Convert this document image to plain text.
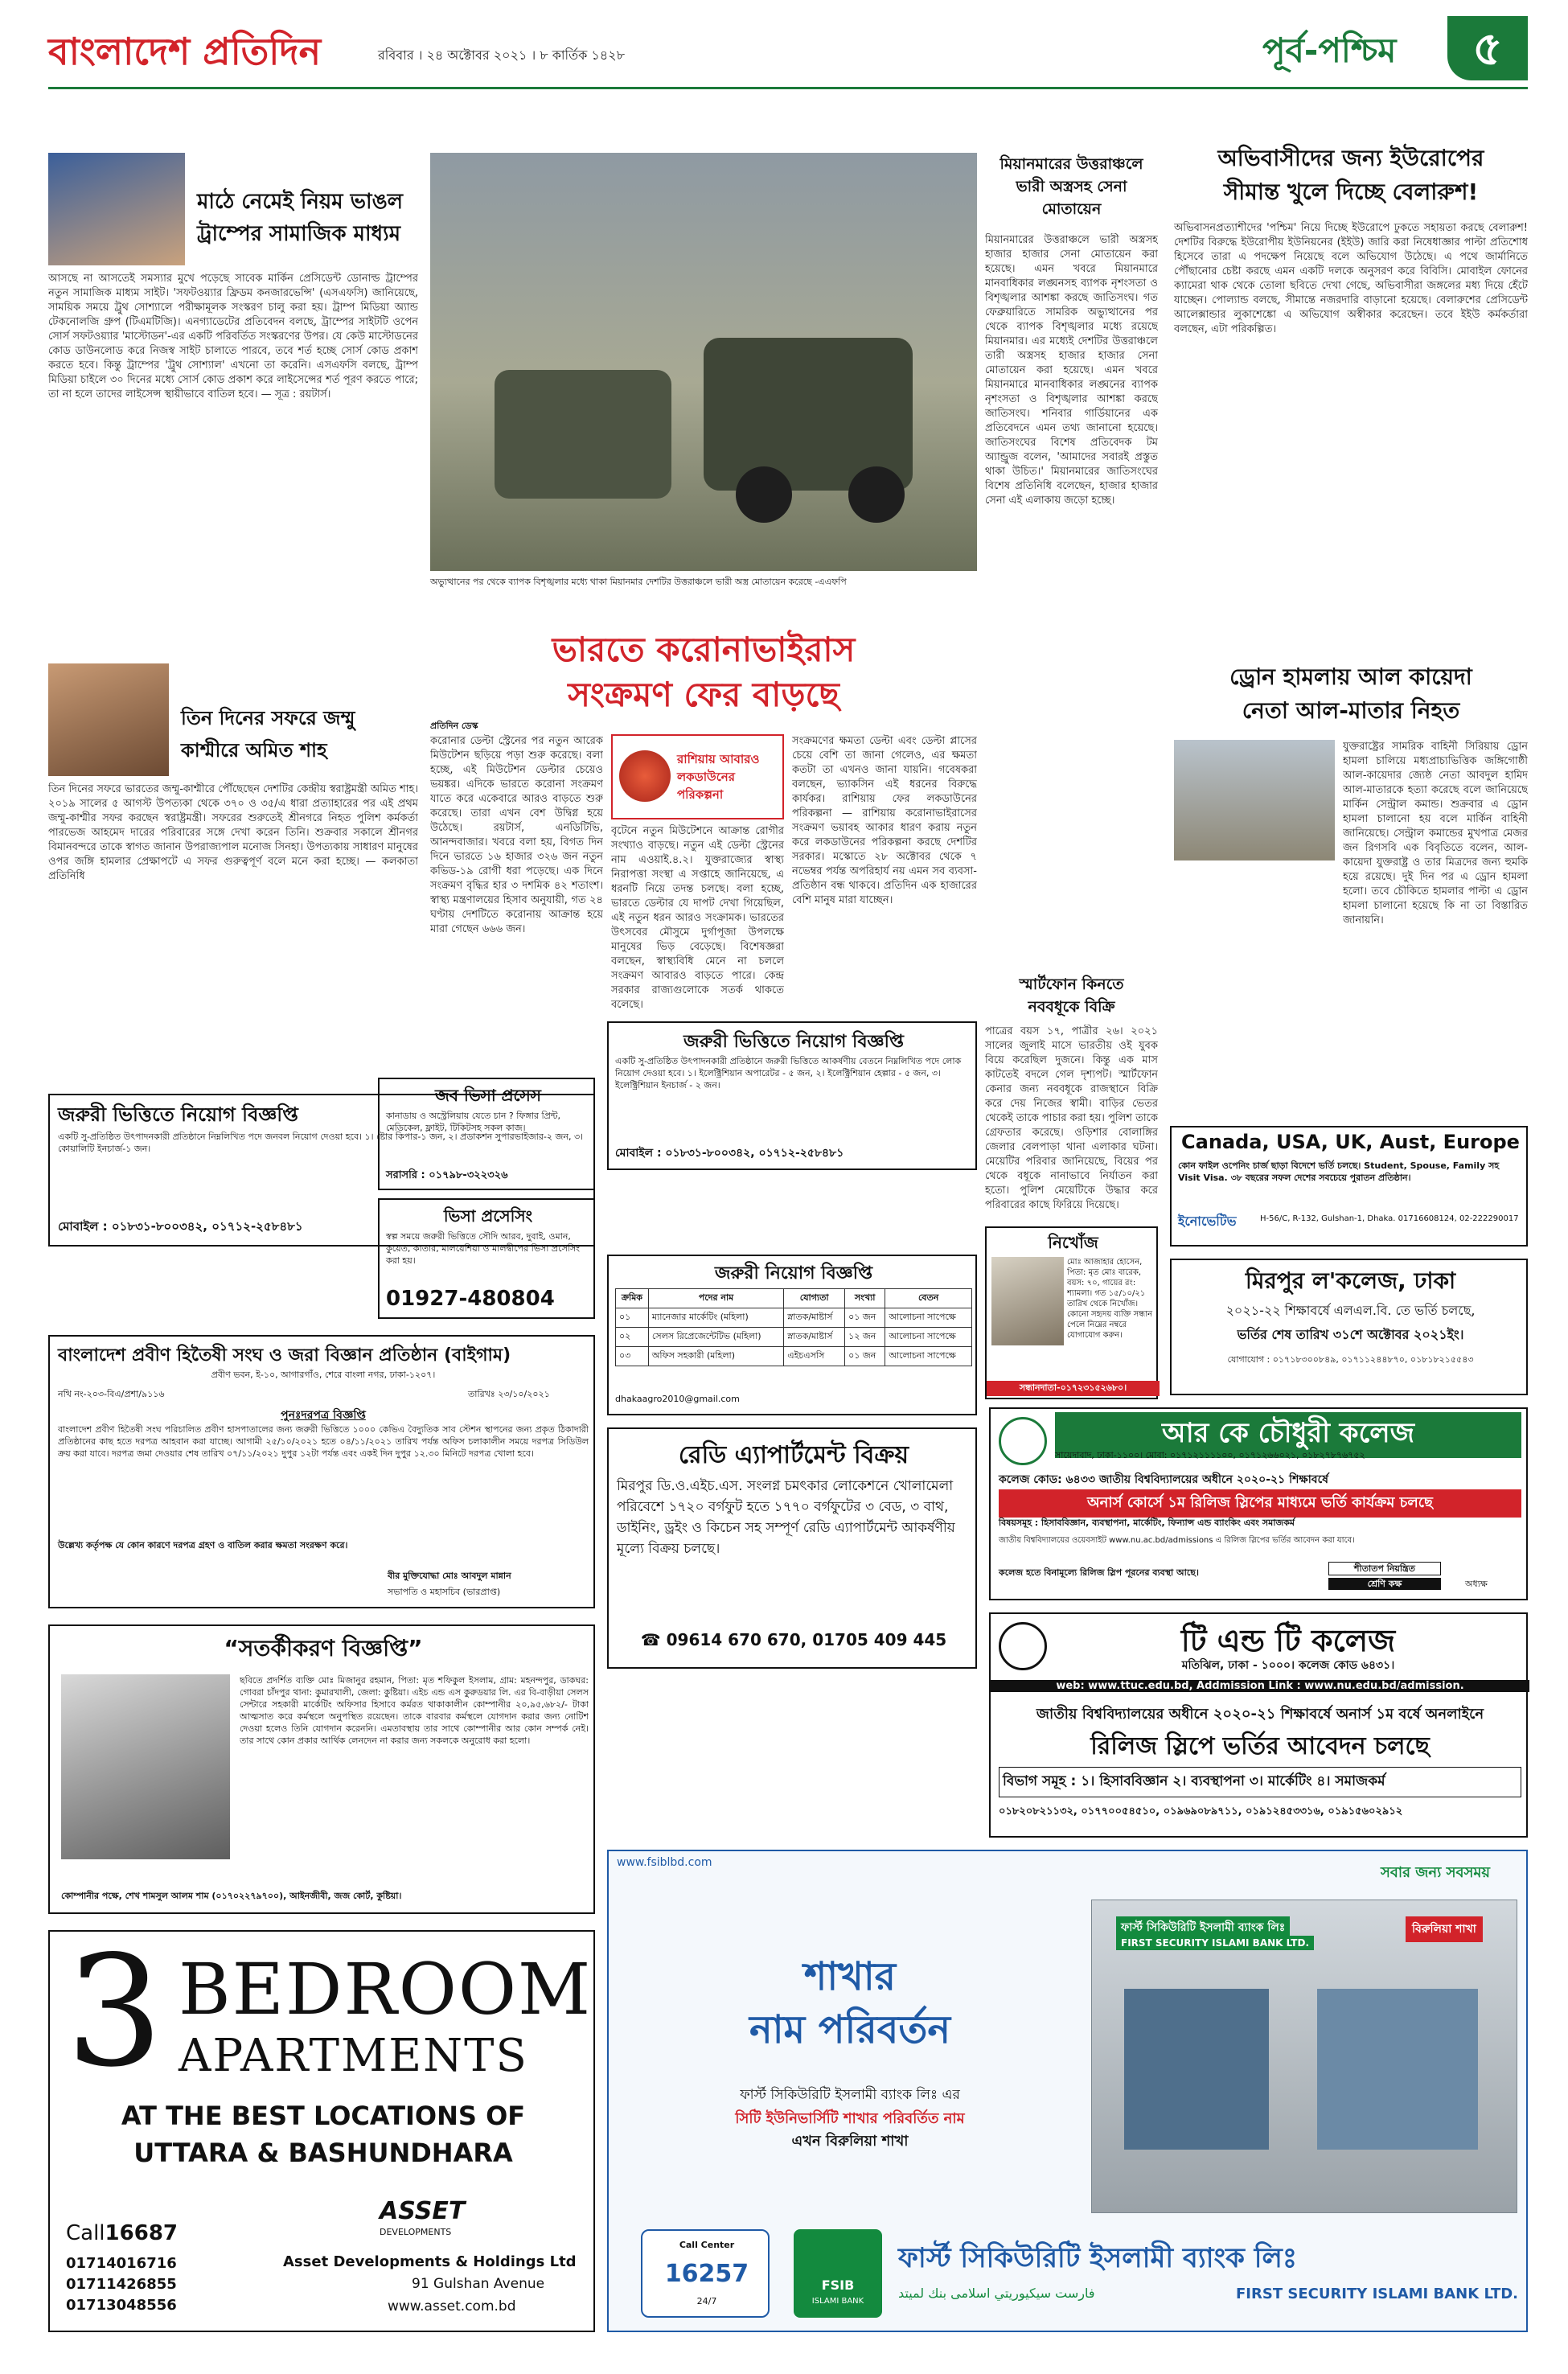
বাংলাদেশ প্রতিদিন	রবিবার । ২৪ অক্টোবর ২০২১ । ৮ কার্তিক ১৪২৮	পূর্ব-পশ্চিম	৫
মাঠে নেমেই নিয়ম ভাঙল
ট্রাম্পের সামাজিক মাধ্যম
আসছে না আসতেই সমস্যার মুখে পড়েছে সাবেক মার্কিন প্রেসিডেন্ট ডোনাল্ড ট্রাম্পের নতুন সামাজিক মাধ্যম সাইট। 'সফটওয়্যার ফ্রিডম কনজারভেন্সি' (এসএফসি) জানিয়েছে, সাময়িক সময়ে ট্রুথ সোশ্যালে পরীক্ষামূলক সংস্করণ চালু করা হয়। ট্রাম্প মিডিয়া অ্যান্ড টেকনোলজি গ্রুপ (টিএমটিজি)। এনগ্যাডেটের প্রতিবেদন বলছে, ট্রাম্পের সাইটটি ওপেন সোর্স সফটওয়্যার 'মাস্টোডন'-এর একটি পরিবর্তিত সংস্করণের উপর। যে কেউ মাস্টোডনের কোড ডাউনলোড করে নিজস্ব সাইট চালাতে পারবে, তবে শর্ত হচ্ছে সোর্স কোড প্রকাশ করতে হবে। কিন্তু ট্রাম্পের 'ট্রুথ সোশ্যাল' এখনো তা করেনি। এসএফসি বলছে, ট্রাম্প মিডিয়া চাইলে ৩০ দিনের মধ্যে সোর্স কোড প্রকাশ করে লাইসেন্সের শর্ত পূরণ করতে পারে; তা না হলে তাদের লাইসেন্স স্থায়ীভাবে বাতিল হবে। — সূত্র : রয়টার্স।
অভ্যুত্থানের পর থেকে ব্যাপক বিশৃঙ্খলার মধ্যে থাকা মিয়ানমার দেশটির উত্তরাঞ্চলে ভারী অস্ত্র মোতায়েন করেছে -এএফপি
মিয়ানমারের উত্তরাঞ্চলে ভারী অস্ত্রসহ সেনা মোতায়েন
মিয়ানমারের উত্তরাঞ্চলে ভারী অস্ত্রসহ হাজার হাজার সেনা মোতায়েন করা হয়েছে। এমন খবরে মিয়ানমারে মানবাধিকার লঙ্ঘনসহ ব্যাপক নৃশংসতা ও বিশৃঙ্খলার আশঙ্কা করছে জাতিসংঘ। গত ফেব্রুয়ারিতে সামরিক অভ্যুত্থানের পর থেকে ব্যাপক বিশৃঙ্খলার মধ্যে রয়েছে মিয়ানমার। এর মধ্যেই দেশটির উত্তরাঞ্চলে তারী অস্ত্রসহ হাজার হাজার সেনা মোতায়েন করা হয়েছে। এমন খবরে মিয়ানমারে মানবাধিকার লঙ্ঘনের ব্যাপক নৃশংসতা ও বিশৃঙ্খলার আশঙ্কা করছে জাতিসংঘ। শনিবার গার্ডিয়ানের এক প্রতিবেদনে এমন তথ্য জানানো হয়েছে। জাতিসংঘের বিশেষ প্রতিবেদক টম অ্যান্ড্রুজ বলেন, 'আমাদের সবারই প্রস্তুত থাকা উচিত।' মিয়ানমারের জাতিসংঘের বিশেষ প্রতিনিধি বলেছেন, হাজার হাজার সেনা এই এলাকায় জড়ো হচ্ছে।
অভিবাসীদের জন্য ইউরোপের
সীমান্ত খুলে দিচ্ছে বেলারুশ!
অভিবাসনপ্রত্যাশীদের 'পশ্চিম' নিয়ে দিচ্ছে ইউরোপে ঢুকতে সহায়তা করছে বেলারুশ! দেশটির বিরুদ্ধে ইউরোপীয় ইউনিয়নের (ইইউ) জারি করা নিষেধাজ্ঞার পাল্টা প্রতিশোধ হিসেবে তারা এ পদক্ষেপ নিয়েছে বলে অভিযোগ উঠেছে। এ পথে জার্মানিতে পৌঁছানোর চেষ্টা করছে এমন একটি দলকে অনুসরণ করে বিবিসি। মোবাইল ফোনের ক্যামেরা থাক থেকে তোলা ছবিতে দেখা গেছে, অভিবাসীরা জঙ্গলের মধ্য দিয়ে হেঁটে যাচ্ছেন। পোল্যান্ড বলছে, সীমান্তে নজরদারি বাড়ানো হয়েছে। বেলারুশের প্রেসিডেন্ট আলেক্সান্ডার লুকাশেঙ্কো এ অভিযোগ অস্বীকার করেছেন। তবে ইইউ কর্মকর্তারা বলছেন, এটা পরিকল্পিত।
ড্রোন হামলায় আল কায়েদা
নেতা আল-মাতার নিহত
যুক্তরাষ্ট্রের সামরিক বাহিনী সিরিয়ায় ড্রোন হামলা চালিয়ে মধ্যপ্রাচ্যভিত্তিক জঙ্গিগোষ্ঠী আল-কায়েদার জ্যেষ্ঠ নেতা আবদুল হামিদ আল-মাতারকে হত্যা করেছে বলে জানিয়েছে মার্কিন সেন্ট্রাল কমান্ড। শুক্রবার এ ড্রোন হামলা চালানো হয় বলে মার্কিন বাহিনী জানিয়েছে। সেন্ট্রাল কমান্ডের মুখপাত্র মেজর জন রিগসবি এক বিবৃতিতে বলেন, আল-কায়েদা যুক্তরাষ্ট্র ও তার মিত্রদের জন্য হুমকি হয়ে রয়েছে। দুই দিন পর এ ড্রোন হামলা হলো। তবে চৌকিতে হামলার পাল্টা এ ড্রোন হামলা চালানো হয়েছে কি না তা বিস্তারিত জানায়নি।
ভারতে করোনাভাইরাস
সংক্রমণ ফের বাড়ছে
প্রতিদিন ডেস্ক
করোনার ডেল্টা স্ট্রেনের পর নতুন আরেক মিউটেশন ছড়িয়ে পড়া শুরু করেছে। বলা হচ্ছে, এই মিউটেশন ডেল্টার চেয়েও ভয়ঙ্কর। এদিকে ভারতে করোনা সংক্রমণ যাতে করে একেবারে আরও বাড়তে শুরু করেছে। তারা এখন বেশ উদ্বিগ্ন হয়ে উঠেছে। রয়টার্স, এনডিটিভি, আনন্দবাজার। খবরে বলা হয়, বিগত দিন দিনে ভারতে ১৬ হাজার ৩২৬ জন নতুন কভিড-১৯ রোগী ধরা পড়েছে। এক দিনে সংক্রমণ বৃদ্ধির হার ৩ দশমিক ৪২ শতাংশ। স্বাস্থ্য মন্ত্রণালয়ের হিসাব অনুযায়ী, গত ২৪ ঘণ্টায় দেশটিতে করোনায় আক্রান্ত হয়ে মারা গেছেন ৬৬৬ জন।
বৃটেনে নতুন মিউটেশনে আক্রান্ত রোগীর সংখ্যাও বাড়ছে। নতুন এই ডেল্টা স্ট্রেনের নাম এওয়াই.৪.২। যুক্তরাজ্যের স্বাস্থ্য নিরাপত্তা সংস্থা এ সপ্তাহে জানিয়েছে, এ ধরনটি নিয়ে তদন্ত চলছে। বলা হচ্ছে, ভারতে ডেল্টার যে দাপট দেখা গিয়েছিল, এই নতুন ধরন আরও সংক্রামক। ভারতের উৎসবের মৌসুমে দুর্গাপূজা উপলক্ষে মানুষের ভিড় বেড়েছে। বিশেষজ্ঞরা বলছেন, স্বাস্থ্যবিধি মেনে না চললে সংক্রমণ আবারও বাড়তে পারে। কেন্দ্র সরকার রাজ্যগুলোকে সতর্ক থাকতে বলেছে।
রাশিয়ায় আবারও লকডাউনের পরিকল্পনা
সংক্রমণের ক্ষমতা ডেল্টা এবং ডেল্টা প্লাসের চেয়ে বেশি তা জানা গেলেও, এর ক্ষমতা কতটা তা এখনও জানা যায়নি। গবেষকরা বলছেন, ভ্যাকসিন এই ধরনের বিরুদ্ধে কার্যকর। রাশিয়ায় ফের লকডাউনের পরিকল্পনা — রাশিয়ায় করোনাভাইরাসের সংক্রমণ ভয়াবহ আকার ধারণ করায় নতুন করে লকডাউনের পরিকল্পনা করছে দেশটির সরকার। মস্কোতে ২৮ অক্টোবর থেকে ৭ নভেম্বর পর্যন্ত অপরিহার্য নয় এমন সব ব্যবসা-প্রতিষ্ঠান বন্ধ থাকবে। প্রতিদিন এক হাজারের বেশি মানুষ মারা যাচ্ছেন।
স্মার্টফোন কিনতে
নববধূকে বিক্রি
পাত্রের বয়স ১৭, পাত্রীর ২৬। ২০২১ সালের জুলাই মাসে ভারতীয় ওই যুবক বিয়ে করেছিল দুজনে। কিন্তু এক মাস কাটতেই বদলে গেল দৃশ্যপট। স্মার্টফোন কেনার জন্য নববধূকে রাজস্থানে বিক্রি করে দেয় নিজের স্বামী। বাড়ির ভেতর থেকেই তাকে পাচার করা হয়। পুলিশ তাকে গ্রেফতার করেছে। ওড়িশার বোলাঙ্গির জেলার বেলপাড়া থানা এলাকার ঘটনা। মেয়েটির পরিবার জানিয়েছে, বিয়ের পর থেকে বধূকে নানাভাবে নির্যাতন করা হতো। পুলিশ মেয়েটিকে উদ্ধার করে পরিবারের কাছে ফিরিয়ে দিয়েছে।
তিন দিনের সফরে জম্মু
কাশ্মীরে অমিত শাহ
তিন দিনের সফরে ভারতের জম্মু-কাশ্মীরে পৌঁছেছেন দেশটির কেন্দ্রীয় স্বরাষ্ট্রমন্ত্রী অমিত শাহ। ২০১৯ সালের ৫ আগস্ট উপত্যকা থেকে ৩৭০ ও ৩৫/এ ধারা প্রত্যাহারের পর এই প্রথম জম্মু-কাশ্মীর সফর করছেন স্বরাষ্ট্রমন্ত্রী। সফরের শুরুতেই শ্রীনগরে নিহত পুলিশ কর্মকর্তা পারভেজ আহমেদ দারের পরিবারের সঙ্গে দেখা করেন তিনি। শুক্রবার সকালে শ্রীনগর বিমানবন্দরে তাকে স্বাগত জানান উপরাজ্যপাল মনোজ সিনহা। উপত্যকায় সাধারণ মানুষের ওপর জঙ্গি হামলার প্রেক্ষাপটে এ সফর গুরুত্বপূর্ণ বলে মনে করা হচ্ছে। — কলকাতা প্রতিনিধি
জরুরী ভিত্তিতে নিয়োগ বিজ্ঞপ্তি
একটি সু-প্রতিষ্ঠিত উৎপাদনকারী প্রতিষ্ঠানে নিম্নলিখিত পদে জনবল নিয়োগ দেওয়া হবে। ১। ষ্টোর কিপার-১ জন, ২। প্রডাকশন সুপারভাইজার-২ জন, ৩। কোয়ালিটি ইনচার্জ-১ জন।
মোবাইল : ০১৮৩১-৮০০৩৪২, ০১৭১২-২৫৮৪৮১
জব ভিসা প্রসেস
কানাডায় ও অস্ট্রেলিয়ায় যেতে চান ? ফিঙ্গার প্রিন্ট, মেডিকেল, ফ্লাইট, টিকিটসহ সকল কাজ।
সরাসরি : ০১৭৯৮-৩২২৩২৬
ভিসা প্রসেসিং
স্বল্প সময়ে জরুরী ভিত্তিতে সৌদি আরব, দুবাই, ওমান, কুয়েত, কাতার, মালয়েশিয়া ও মালদ্বীপের ভিসা প্রসেসিং করা হয়।
01927-480804
জরুরী ভিত্তিতে নিয়োগ বিজ্ঞপ্তি
একটি সু-প্রতিষ্ঠিত উৎপাদনকারী প্রতিষ্ঠানে জরুরী ভিত্তিতে আকর্ষণীয় বেতনে নিম্নলিখিত পদে লোক নিয়োগ দেওয়া হবে। ১। ইলেক্ট্রিশিয়ান অপারেটর - ৫ জন, ২। ইলেক্ট্রিশিয়ান হেল্পার - ৫ জন, ৩। ইলেক্ট্রিশিয়ান ইনচার্জ - ২ জন।
মোবাইল : ০১৮৩১-৮০০৩৪২, ০১৭১২-২৫৮৪৮১
নিখোঁজ
মোঃ আজাহার হোসেন, পিতা: মৃত মোঃ বারেক, বয়স: ৭০, গায়ের রং: শ্যামলা। গত ১৫/১০/২১ তারিখ থেকে নিখোঁজ। কোনো সহৃদয় ব্যক্তি সন্ধান পেলে নিম্নের নম্বরে যোগাযোগ করুন।
সন্ধানদাতা-০১৭২৩১৫২৬৮০।
জরুরী নিয়োগ বিজ্ঞপ্তি
ক্রমিক	পদের নাম	যোগ্যতা	সংখ্যা	বেতন
০১	ম্যানেজার মার্কেটিং (মহিলা)	স্নাতক/মাষ্টার্স	০১ জন	আলোচনা সাপেক্ষে
০২	সেলস রিপ্রেজেন্টেটিভ (মহিলা)	স্নাতক/মাষ্টার্স	১২ জন	আলোচনা সাপেক্ষে
০৩	অফিস সহকারী (মহিলা)	এইচএসসি	০১ জন	আলোচনা সাপেক্ষে
dhakaagro2010@gmail.com
বাংলাদেশ প্রবীণ হিতৈষী সংঘ ও জরা বিজ্ঞান প্রতিষ্ঠান (বাইগাম)
প্রবীণ ভবন, ই-১০, আগারগাঁও, শেরে বাংলা নগর, ঢাকা-১২০৭।
নথি নং-২০৩-বিএ/প্রশা/৯১১৬	তারিখঃ ২৩/১০/২০২১
পুনঃদরপত্র বিজ্ঞপ্তি
বাংলাদেশ প্রবীণ হিতৈষী সংঘ পরিচালিত প্রবীণ হাসপাতালের জন্য জরুরী ভিত্তিতে ১০০০ কেভিএ বৈদ্যুতিক সাব স্টেশন স্থাপনের জন্য প্রকৃত ঠিকাদারী প্রতিষ্ঠানের কাছ হতে দরপত্র আহবান করা যাচ্ছে। আগামী ২৫/১০/২০২১ হতে ০৪/১১/২০২১ তারিখ পর্যন্ত অফিস চলাকালীন সময়ে দরপত্র সিডিউল ক্রয় করা যাবে। দরপত্র জমা দেওয়ার শেষ তারিখ ০৭/১১/২০২১ দুপুর ১২টা পর্যন্ত এবং একই দিন দুপুর ১২.৩০ মিনিটে দরপত্র খোলা হবে।
উল্লেখ্য কর্তৃপক্ষ যে কোন কারণে দরপত্র গ্রহণ ও বাতিল করার ক্ষমতা সংরক্ষণ করে।
বীর মুক্তিযোদ্ধা মোঃ আবদুল মান্নান
সভাপতি ও মহাসচিব (ভারপ্রাপ্ত)
“সতর্কীকরণ বিজ্ঞপ্তি”
ছবিতে প্রদর্শিত ব্যক্তি মোঃ মিজানুর রহমান, পিতা: মৃত শফিকুল ইসলাম, গ্রাম: মহনন্দপুর, ডাকঘর: গোবরা চাঁদপুর থানা: কুমারখালী, জেলা: কুষ্টিয়া। এইচ এন্ড এস কুরুডয়ার লি. এর বি-বাড়ীয়া সেলস সেন্টারে সহকারী মার্কেটিং অফিসার হিসাবে কর্মরত থাকাকালীন কোম্পানীর ২০,৯৫,৬৮২/- টাকা আত্মসাত করে কর্মস্থলে অনুপস্থিত রয়েছেন। তাকে বারবার কর্মস্থলে যোগদান করার জন্য নোটিশ দেওয়া হলেও তিনি যোগদান করেননি। এমতাবস্থায় তার সাথে কোম্পানীর আর কোন সম্পর্ক নেই। তার সাথে কোন প্রকার আর্থিক লেনদেন না করার জন্য সকলকে অনুরোধ করা হলো।
কোম্পানীর পক্ষে, শেখ শামসুল আলম শাম (০১৭০২২৭৯৭০০), আইনজীবী, জজ কোর্ট, কুষ্টিয়া।
3 BEDROOM
APARTMENTS
AT THE BEST LOCATIONS OF
UTTARA & BASHUNDHARA
Call16687
01714016716
01711426855
01713048556
ASSET
DEVELOPMENTS
Asset Developments & Holdings Ltd
91 Gulshan Avenue
www.asset.com.bd
Canada, USA, UK, Aust, Europe
কোন ফাইল ওপেনিং চার্জ ছাড়া বিদেশে ভর্তি চলছে। Student, Spouse, Family সহ Visit Visa. ৩৮ বছরের সফল দেশের সবচেয়ে পুরাতন প্রতিষ্ঠান।
ইনোভেটিভ	H-56/C, R-132, Gulshan-1, Dhaka. 01716608124, 02-222290017
মিরপুর ল'কলেজ, ঢাকা
২০২১-২২ শিক্ষাবর্ষে এলএল.বি. তে ভর্তি চলছে,
ভর্তির শেষ তারিখ ৩১শে অক্টোবর ২০২১ইং।
যোগাযোগ : ০১৭১৮৩০০৮৪৯, ০১৭১১২৪৪৮৭০, ০১৮১৮২১৫৫৪৩
আর কে চৌধুরী কলেজ
সায়েদাবাদ, ঢাকা-১১০০। মোবা: ০১৭১২১১১১০০, ০১৭১২৬৬০২১, ০১৮২৭৮৭৬৭৫২
কলেজ কোড: ৬৪৩৩ জাতীয় বিশ্ববিদ্যালয়ের অধীনে ২০২০-২১ শিক্ষাবর্ষে
অনার্স কোর্সে ১ম রিলিজ স্লিপের মাধ্যমে ভর্তি কার্যক্রম চলছে
বিষয়সমূহ : হিসাববিজ্ঞান, ব্যবস্থাপনা, মার্কেটিং, ফিন্যান্স এন্ড ব্যাংকিং এবং সমাজকর্ম
জাতীয় বিশ্ববিদ্যালয়ের ওয়েবসাইট www.nu.ac.bd/admissions এ রিলিজ স্লিপের ভর্তির আবেদন করা যাবে।
কলেজ হতে বিনামূল্যে রিলিজ স্লিপ পূরনের ব্যবস্থা আছে।	শীতাতপ নিয়ন্ত্রিত
শ্রেণি কক্ষ	অধ্যক্ষ
রেডি এ্যাপার্টমেন্ট বিক্রয়
মিরপুর ডি.ও.এইচ.এস. সংলগ্ন চমৎকার লোকেশনে খোলামেলা পরিবেশে ১৭২০ বর্গফুট হতে ১৭৭০ বর্গফুটের ৩ বেড, ৩ বাথ, ডাইনিং, ড্রইং ও কিচেন সহ সম্পূর্ণ রেডি এ্যাপার্টমেন্ট আকর্ষণীয় মূল্যে বিক্রয় চলছে।
☎ 09614 670 670, 01705 409 445	টি এন্ড টি কলেজ
মতিঝিল, ঢাকা - ১০০০। কলেজ কোড ৬৪৩১।
web: www.ttuc.edu.bd, Addmission Link : www.nu.edu.bd/admission.
জাতীয় বিশ্ববিদ্যালয়ের অধীনে ২০২০-২১ শিক্ষাবর্ষে অনার্স ১ম বর্ষে অনলাইনে
রিলিজ স্লিপে ভর্তির আবেদন চলছে
বিভাগ সমূহ : ১। হিসাববিজ্ঞান ২। ব্যবস্থাপনা ৩। মার্কেটিং ৪। সমাজকর্ম
০১৮২০৮২১১৩২, ০১৭৭০০৫৪৫১০, ০১৯৬৯০৮৯৭১১, ০১৯১২৪৫৩৩১৬, ০১৯১৫৬০২৯১২
www.fsiblbd.com
সবার জন্য সবসময়
শাখার
নাম পরিবর্তন
ফার্স্ট সিকিউরিটি ইসলামী ব্যাংক লিঃ এর
সিটি ইউনিভার্সিটি শাখার পরিবর্তিত নাম
এখন বিরুলিয়া শাখা
ফার্স্ট সিকিউরিটি ইসলামী ব্যাংক লিঃ
FIRST SECURITY ISLAMI BANK LTD.
বিরুলিয়া শাখা
Call Center
16257
24/7
FSIB
ISLAMI BANK
ফার্স্ট সিকিউরিটি ইসলামী ব্যাংক লিঃ
فارست سيكيوريتي اسلامی بنك لميتد	FIRST SECURITY ISLAMI BANK LTD.
